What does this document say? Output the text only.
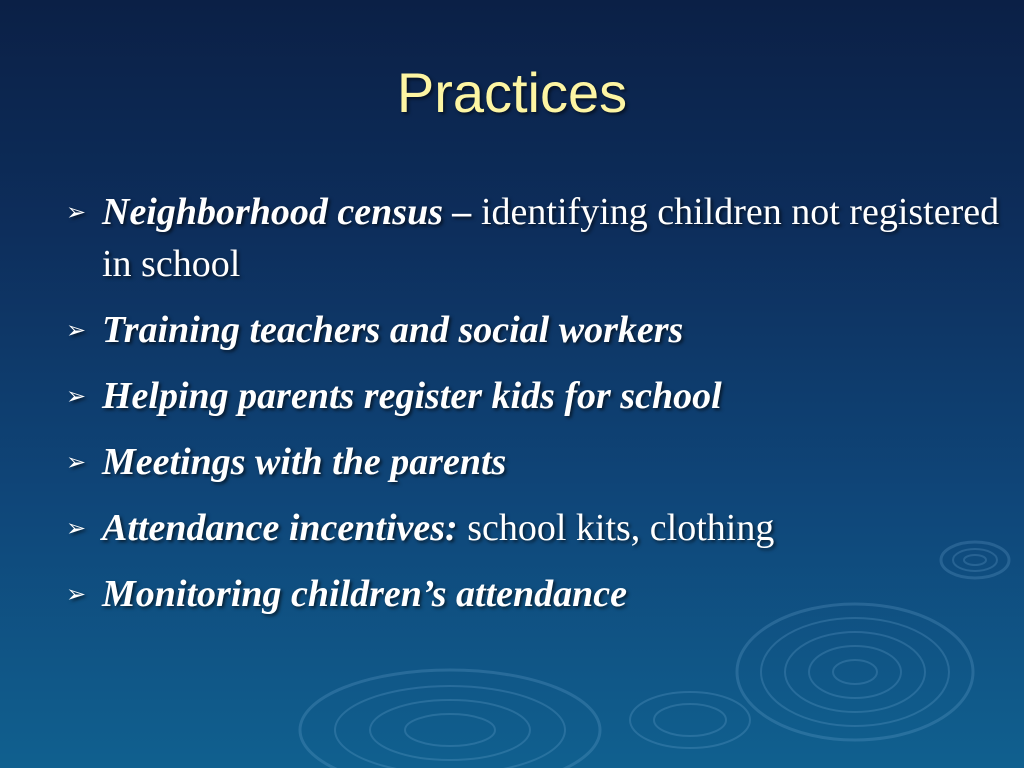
Practices
➢ Neighborhood census – identifying children not registered in school
➢ Training teachers and social workers
➢ Helping parents register kids for school
➢ Meetings with the parents
➢ Attendance incentives: school kits, clothing
➢ Monitoring children’s attendance
